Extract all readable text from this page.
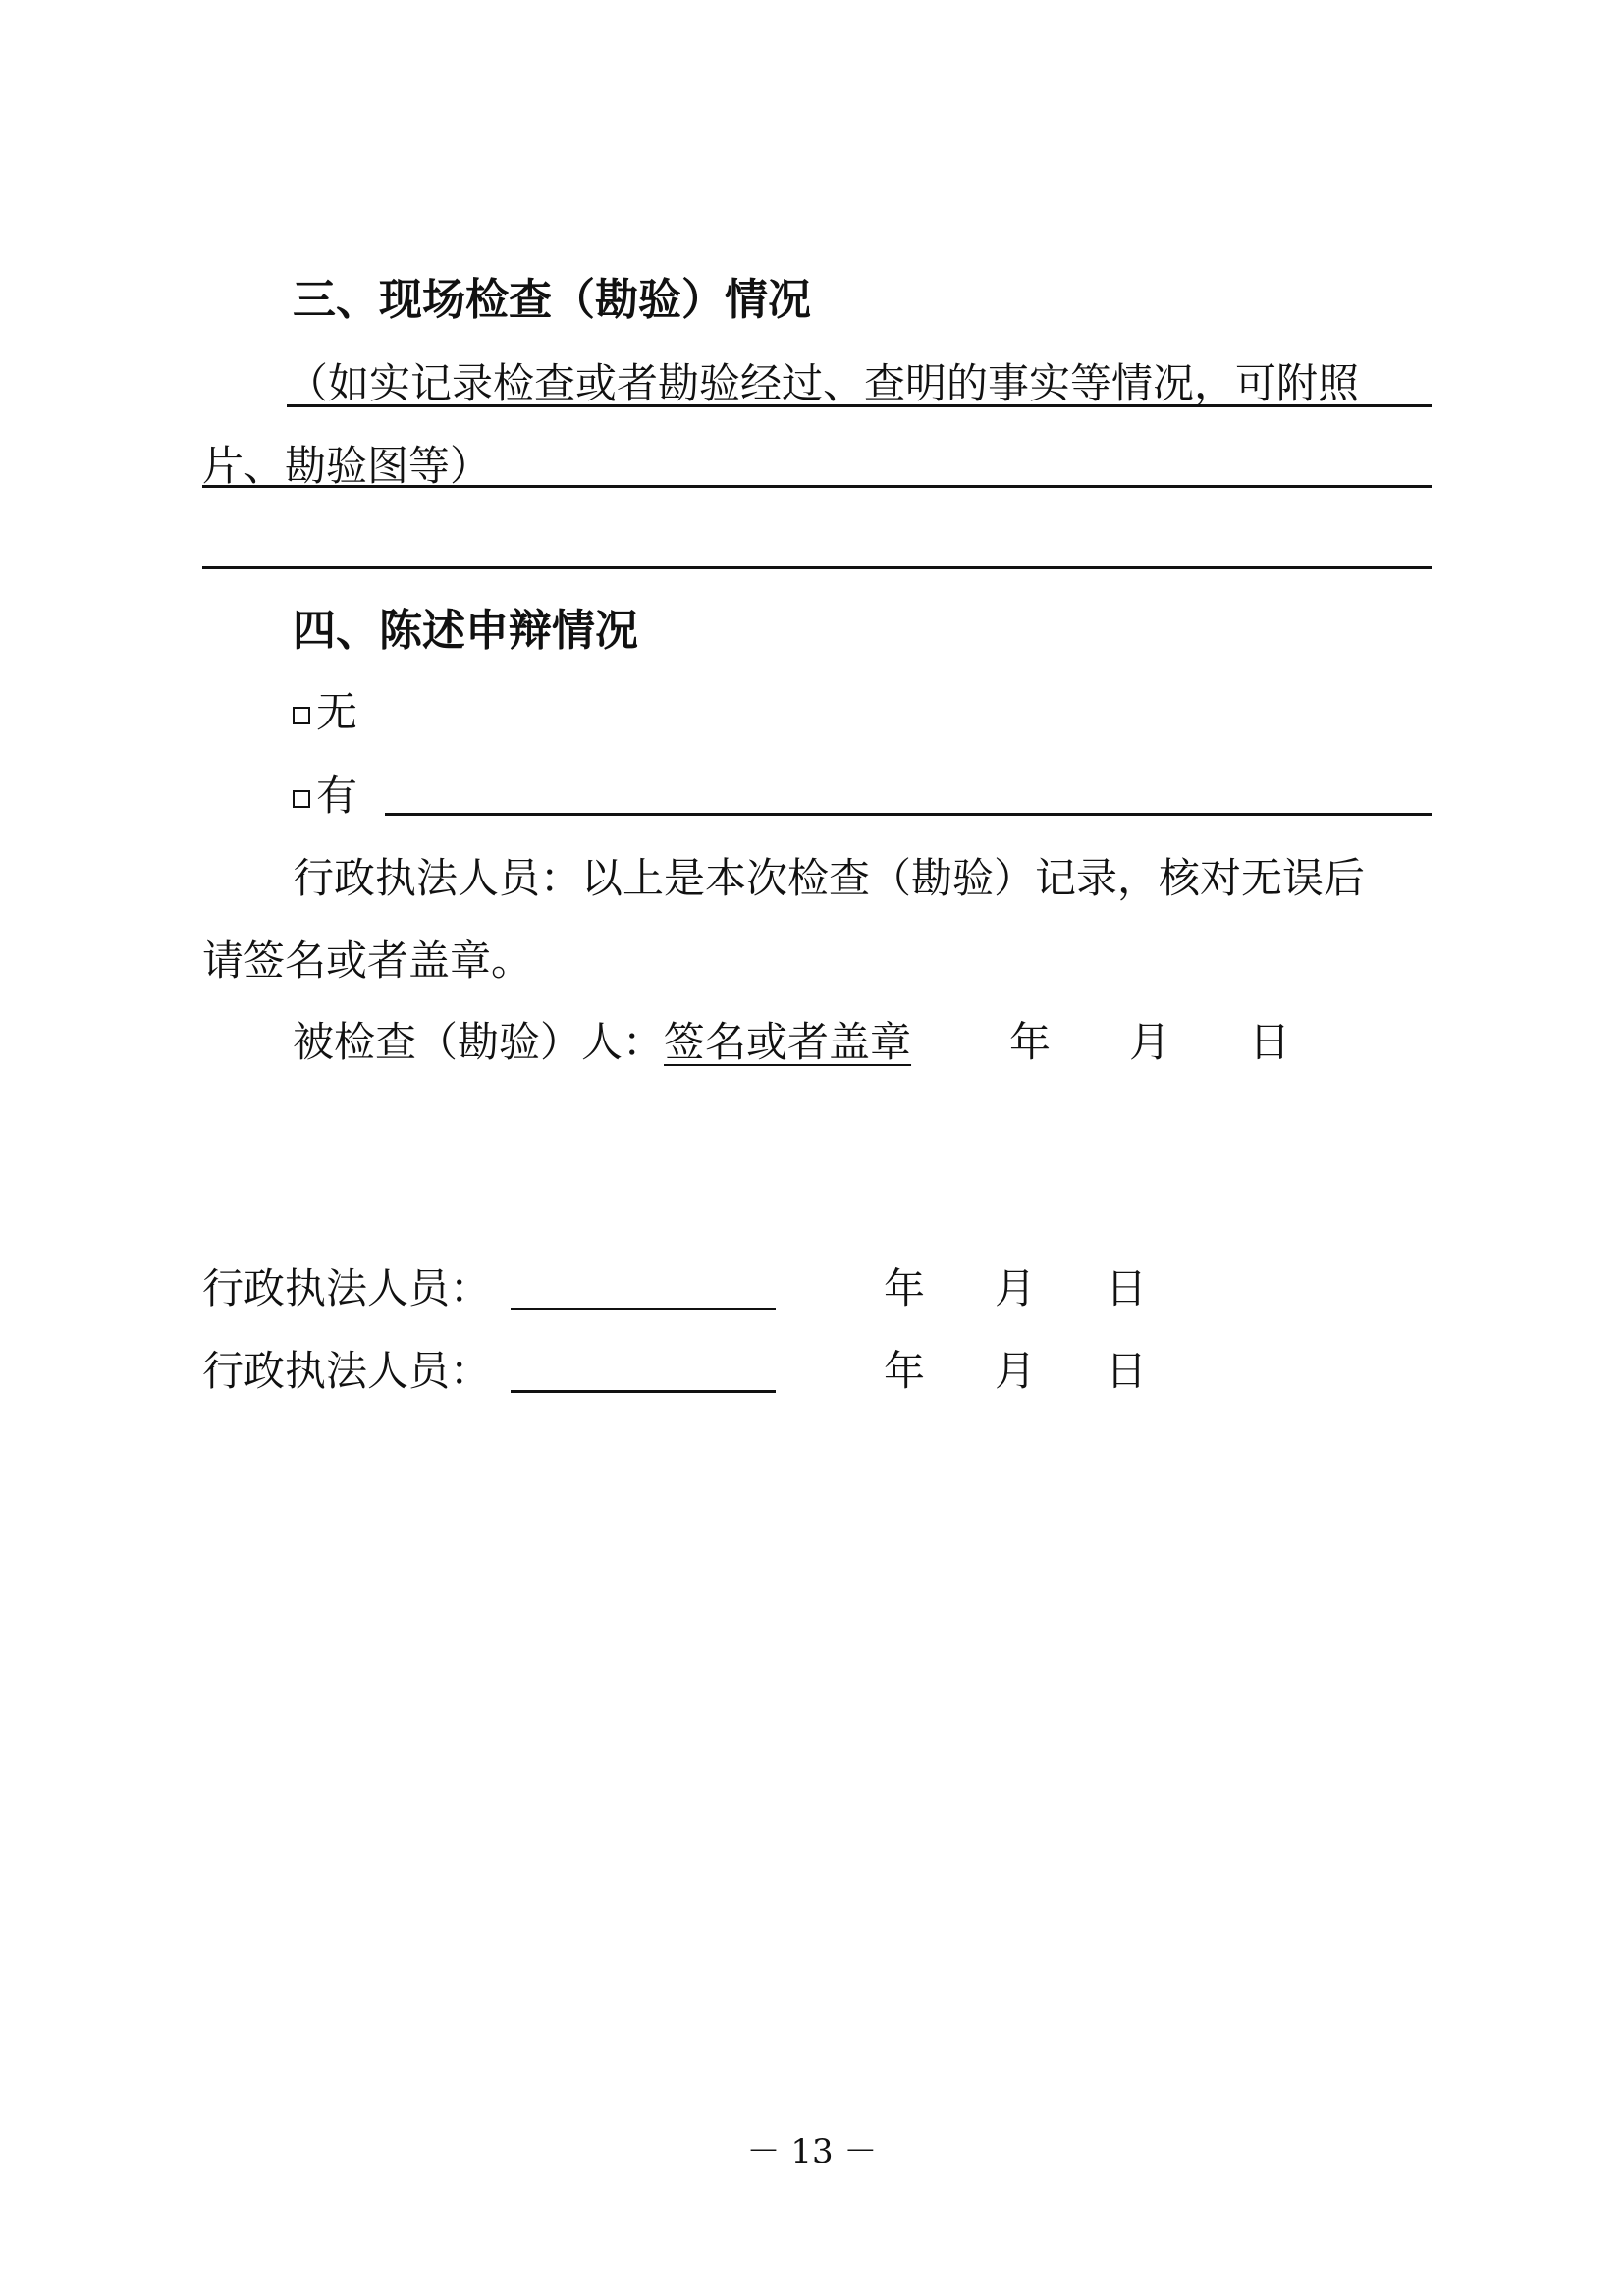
三、现场检查（勘验）情况
（如实记录检查或者勘验经过、查明的事实等情况，可附照
片、勘验图等）
四、陈述申辩情况
无
有
行政执法人员：以上是本次检查（勘验）记录，核对无误后
请签名或者盖章。
被检查（勘验）人：签名或者盖章 年 月 日
行政执法人员：	年 月 日
行政执法人员：	年 月 日
－ 13 －
